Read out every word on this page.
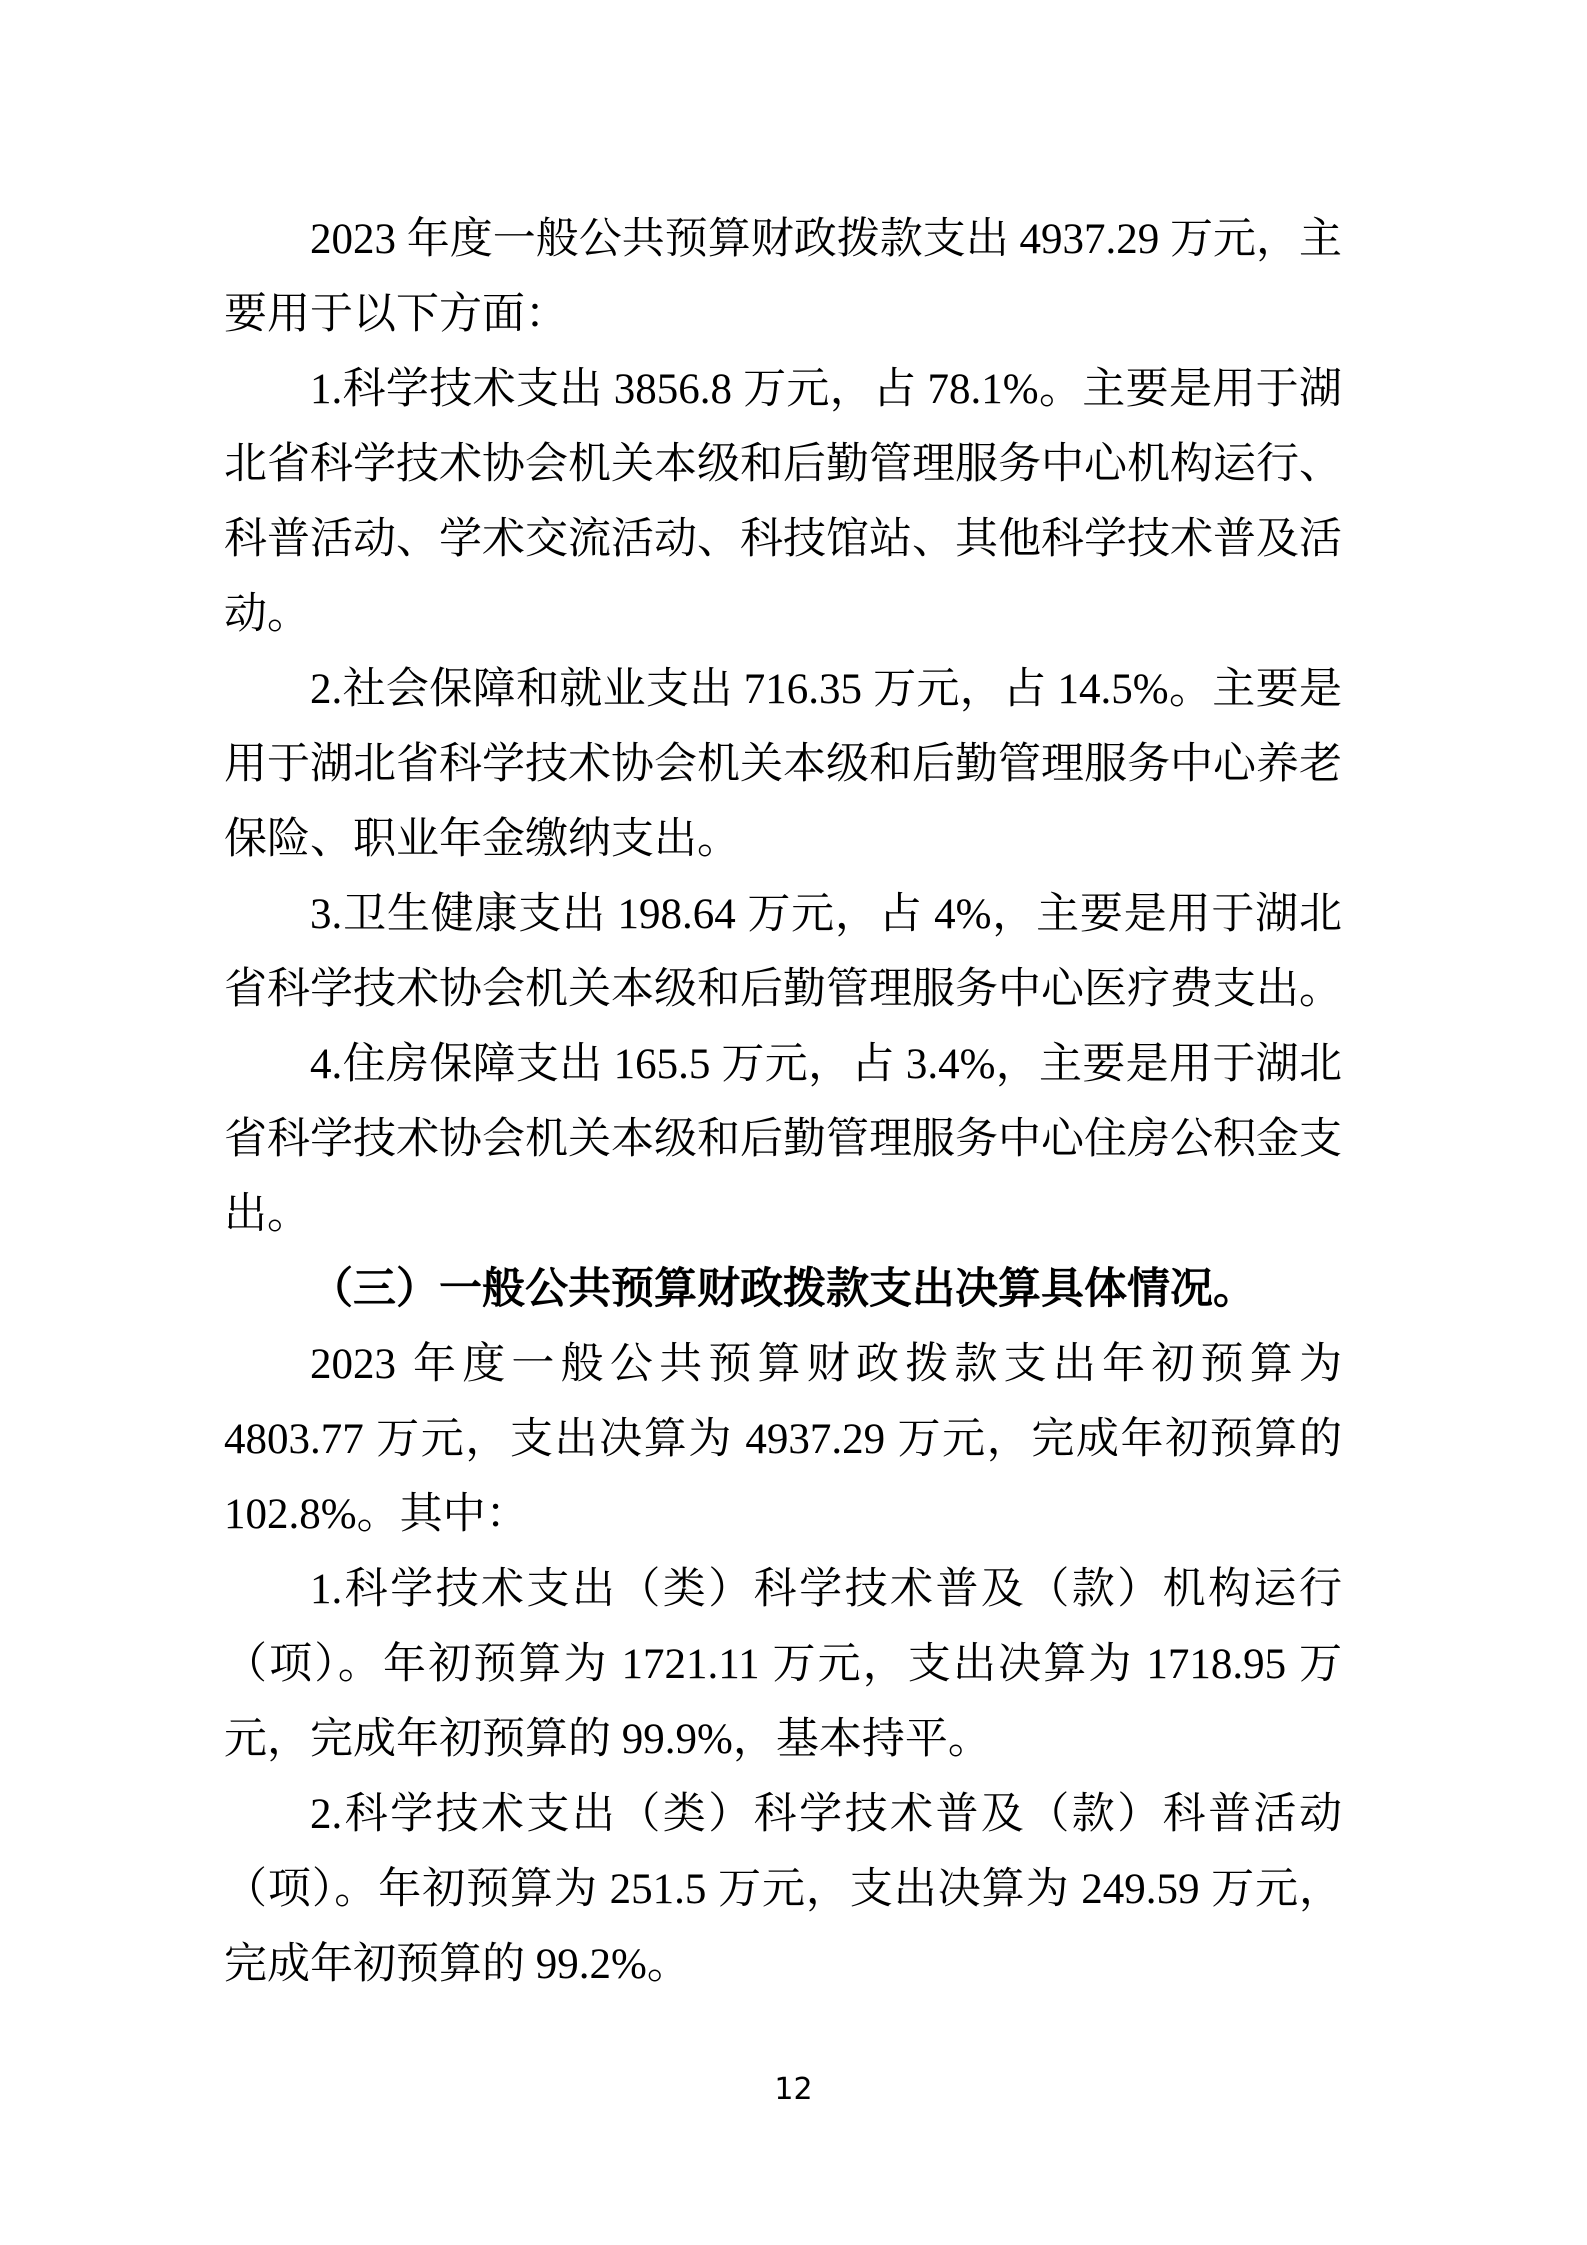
2023 年度一般公共预算财政拨款支出 4937.29 万元，主要用于以下方面：

1.科学技术支出 3856.8 万元，占 78.1%。主要是用于湖北省科学技术协会机关本级和后勤管理服务中心机构运行、科普活动、学术交流活动、科技馆站、其他科学技术普及活动。

2.社会保障和就业支出 716.35 万元，占 14.5%。主要是用于湖北省科学技术协会机关本级和后勤管理服务中心养老保险、职业年金缴纳支出。

3.卫生健康支出 198.64 万元，占 4%，主要是用于湖北省科学技术协会机关本级和后勤管理服务中心医疗费支出。

4.住房保障支出 165.5 万元，占 3.4%，主要是用于湖北省科学技术协会机关本级和后勤管理服务中心住房公积金支出。

（三）一般公共预算财政拨款支出决算具体情况。

2023 年度一般公共预算财政拨款支出年初预算为 4803.77 万元，支出决算为 4937.29 万元，完成年初预算的 102.8%。其中：

1.科学技术支出（类）科学技术普及（款）机构运行（项）。年初预算为 1721.11 万元，支出决算为 1718.95 万元，完成年初预算的 99.9%，基本持平。

2.科学技术支出（类）科学技术普及（款）科普活动（项）。年初预算为 251.5 万元，支出决算为 249.59 万元，完成年初预算的 99.2%。

12
